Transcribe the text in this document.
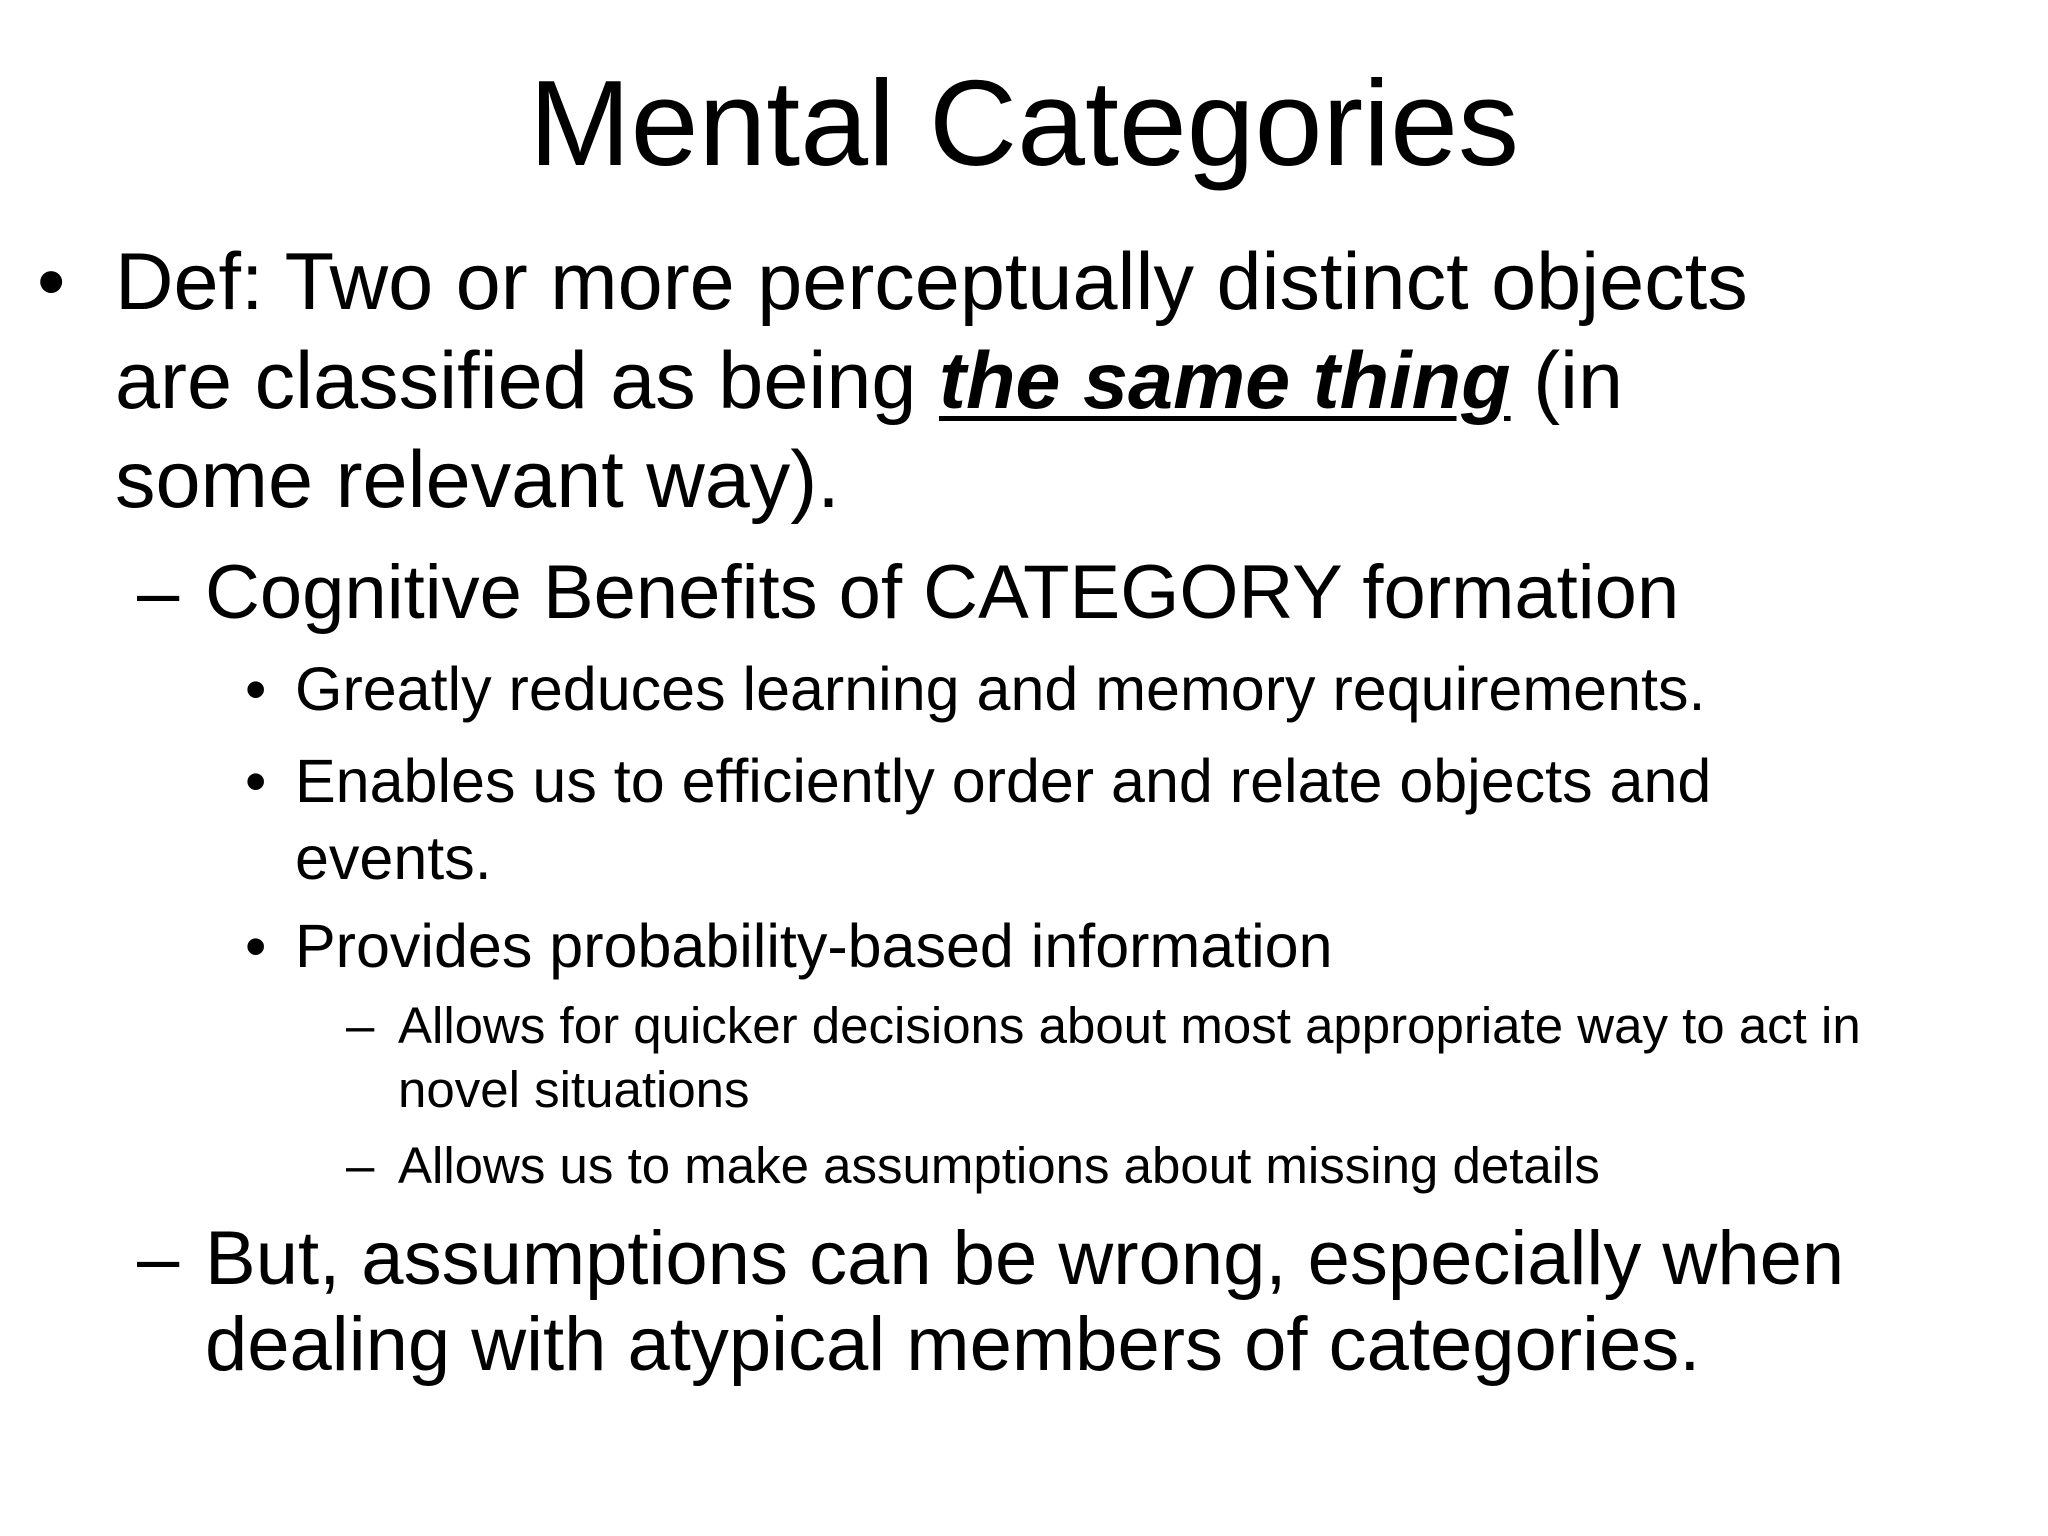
Mental Categories
• Def: Two or more perceptually distinct objects
are classified as being the same thing (in
some relevant way).
– Cognitive Benefits of CATEGORY formation
• Greatly reduces learning and memory requirements.
• Enables us to efficiently order and relate objects and
events.
• Provides probability-based information
– Allows for quicker decisions about most appropriate way to act in
novel situations
– Allows us to make assumptions about missing details
– But, assumptions can be wrong, especially when
dealing with atypical members of categories.
